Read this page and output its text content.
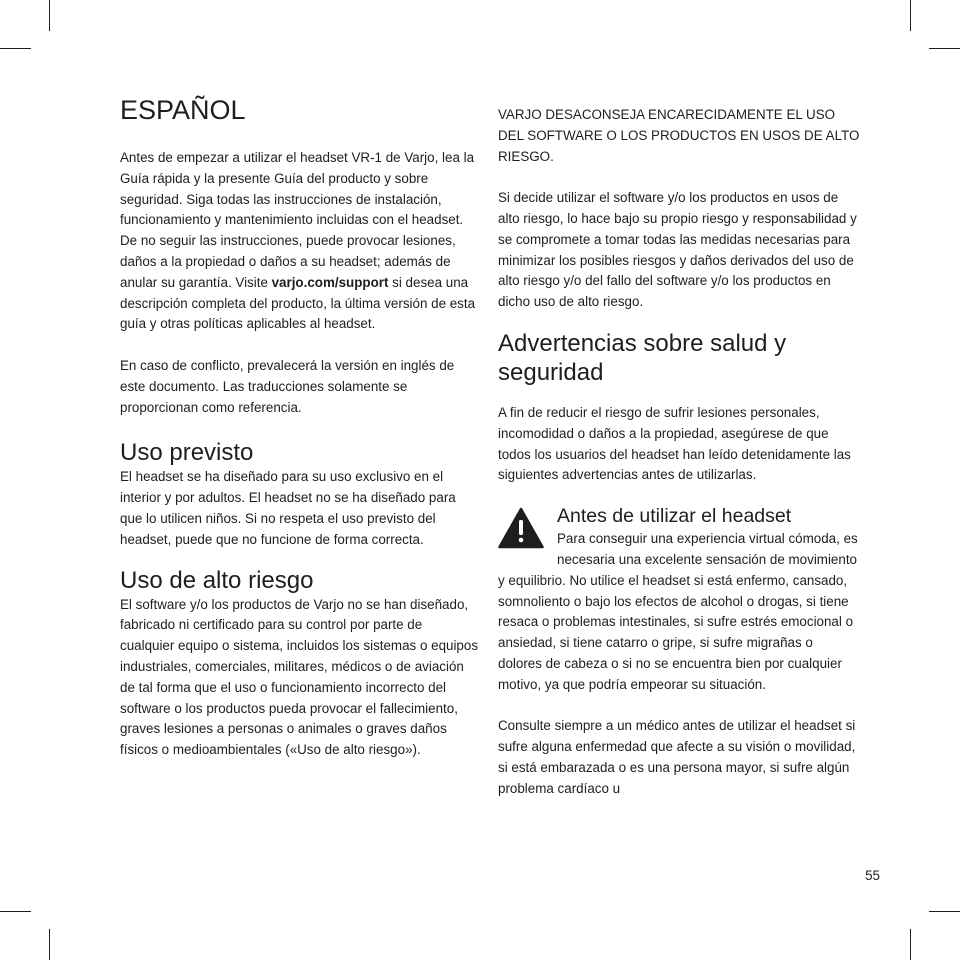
ESPAÑOL

Antes de empezar a utilizar el headset VR-1 de Varjo, lea la Guía rápida y la presente Guía del producto y sobre seguridad. Siga todas las instrucciones de instalación, funcionamiento y mantenimiento incluidas con el headset. De no seguir las instrucciones, puede provocar lesiones, daños a la propiedad o daños a su headset; además de anular su garantía. Visite varjo.com/support si desea una descripción completa del producto, la última versión de esta guía y otras políticas aplicables al headset.

En caso de conflicto, prevalecerá la versión en inglés de este documento. Las traducciones solamente se proporcionan como referencia.

Uso previsto

El headset se ha diseñado para su uso exclusivo en el interior y por adultos. El headset no se ha diseñado para que lo utilicen niños. Si no respeta el uso previsto del headset, puede que no funcione de forma correcta.

Uso de alto riesgo

El software y/o los productos de Varjo no se han diseñado, fabricado ni certificado para su control por parte de cualquier equipo o sistema, incluidos los sistemas o equipos industriales, comerciales, militares, médicos o de aviación de tal forma que el uso o funcionamiento incorrecto del software o los productos pueda provocar el fallecimiento, graves lesiones a personas o animales o graves daños físicos o medioambientales («Uso de alto riesgo»).

VARJO DESACONSEJA ENCARECIDAMENTE EL USO DEL SOFTWARE O LOS PRODUCTOS EN USOS DE ALTO RIESGO.

Si decide utilizar el software y/o los productos en usos de alto riesgo, lo hace bajo su propio riesgo y responsabilidad y se compromete a tomar todas las medidas necesarias para minimizar los posibles riesgos y daños derivados del uso de alto riesgo y/o del fallo del software y/o los productos en dicho uso de alto riesgo.

Advertencias sobre salud y seguridad

A fin de reducir el riesgo de sufrir lesiones personales, incomodidad o daños a la propiedad, asegúrese de que todos los usuarios del headset han leído detenidamente las siguientes advertencias antes de utilizarlas.

Antes de utilizar el headset

Para conseguir una experiencia virtual cómoda, es necesaria una excelente sensación de movimiento y equilibrio. No utilice el headset si está enfermo, cansado, somnoliento o bajo los efectos de alcohol o drogas, si tiene resaca o problemas intestinales, si sufre estrés emocional o ansiedad, si tiene catarro o gripe, si sufre migrañas o dolores de cabeza o si no se encuentra bien por cualquier motivo, ya que podría empeorar su situación.

Consulte siempre a un médico antes de utilizar el headset si sufre alguna enfermedad que afecte a su visión o movilidad, si está embarazada o es una persona mayor, si sufre algún problema cardíaco u

55
